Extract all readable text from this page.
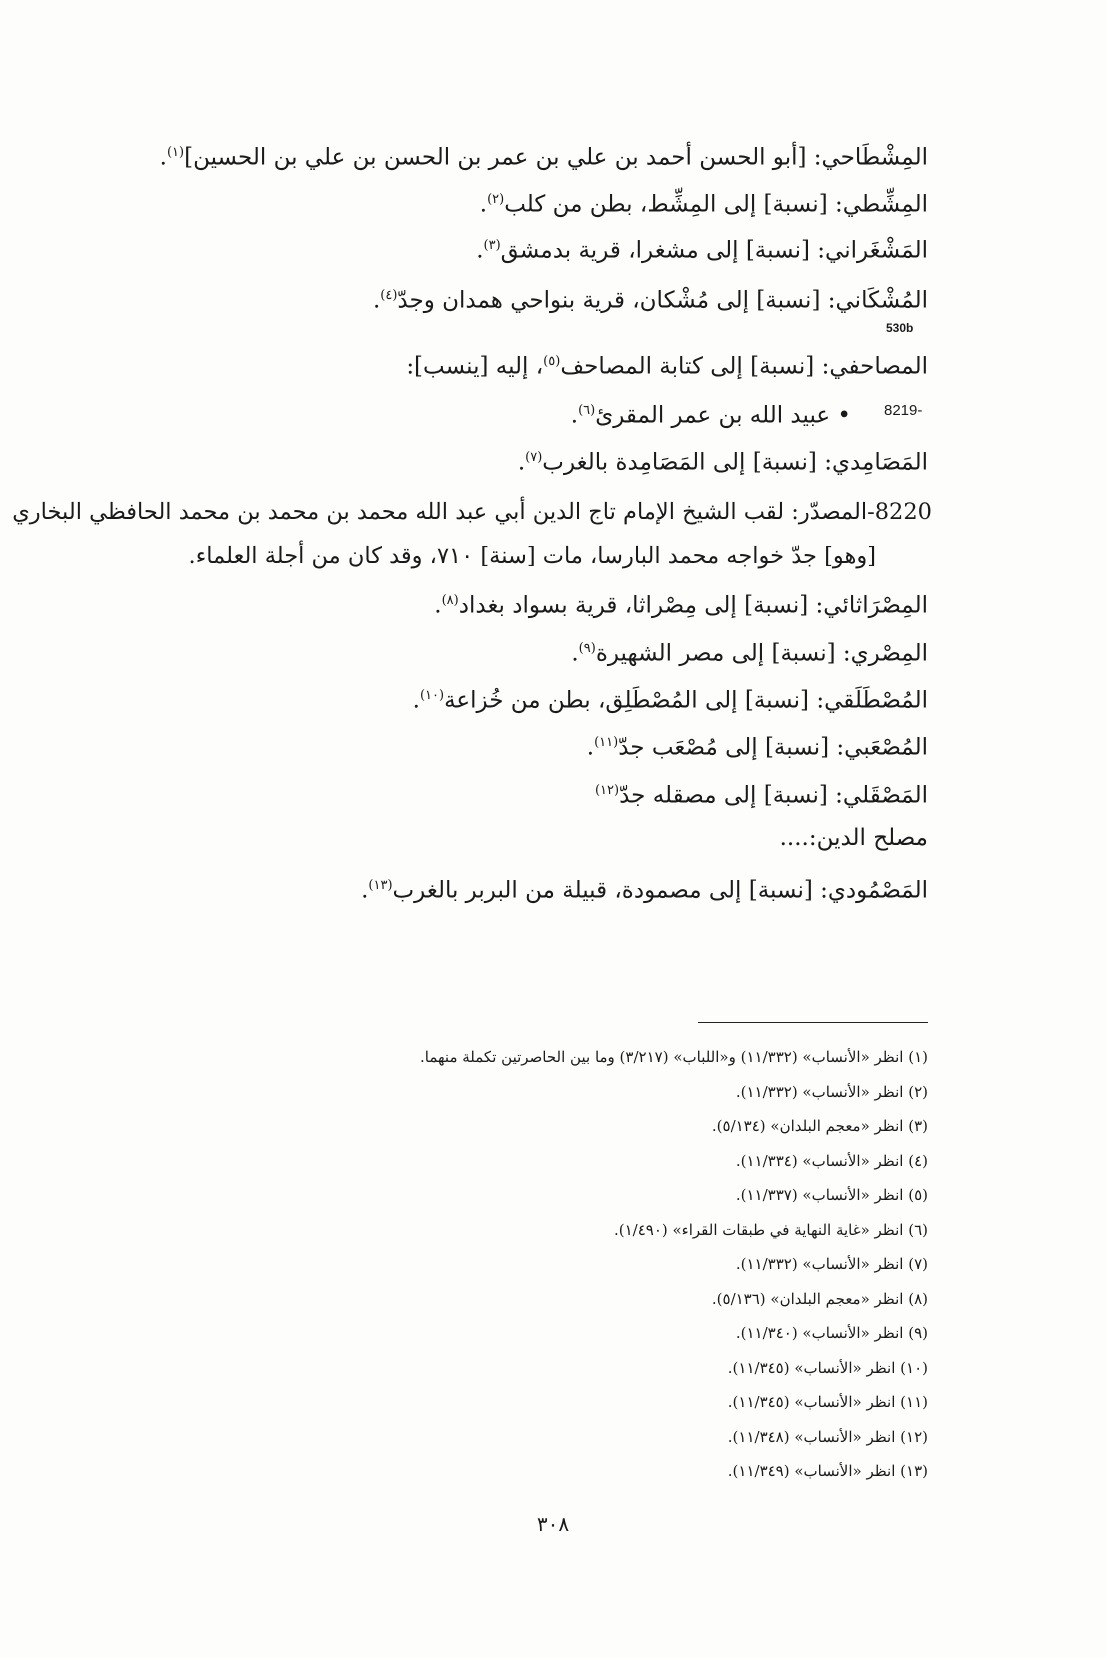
المِشْطَاحي: [أبو الحسن أحمد بن علي بن عمر بن الحسن بن علي بن الحسين]$^{(١)}$.
المِشِّطي: [نسبة] إلى المِشِّط، بطن من كلب$^{(٢)}$.
المَشْغَراني: [نسبة] إلى مشغرا، قرية بدمشق$^{(٣)}$.
المُشْكَاني: [نسبة] إلى مُشْكان، قرية بنواحي همدان وجدّ$^{(٤)}$.
530b
المصاحفي: [نسبة] إلى كتابة المصاحف$^{(٥)}$، إليه [ينسب]:
• عبيد الله بن عمر المقرئ$^{(٦)}$.	8219-
المَصَامِدي: [نسبة] إلى المَصَامِدة بالغرب$^{(٧)}$.
8220-المصدّر: لقب الشيخ الإمام تاج الدين أبي عبد الله محمد بن محمد بن محمد الحافظي البخاري
[وهو] جدّ خواجه محمد البارسا، مات [سنة] ٧١٠، وقد كان من أجلة العلماء.
المِصْرَاثائي: [نسبة] إلى مِصْراثا، قرية بسواد بغداد$^{(٨)}$.
المِصْري: [نسبة] إلى مصر الشهيرة$^{(٩)}$.
المُصْطَلَقي: [نسبة] إلى المُصْطَلِق، بطن من خُزاعة$^{(١٠)}$.
المُصْعَبي: [نسبة] إلى مُصْعَب جدّ$^{(١١)}$.
المَصْقَلي: [نسبة] إلى مصقله جدّ$^{(١٢)}$
مصلح الدين:....
المَصْمُودي: [نسبة] إلى مصمودة، قبيلة من البربر بالغرب$^{(١٣)}$.
(١) انظر «الأنساب» (١١/٣٣٢) و«اللباب» (٣/٢١٧) وما بين الحاصرتين تكملة منهما.
(٢) انظر «الأنساب» (١١/٣٣٢).
(٣) انظر «معجم البلدان» (٥/١٣٤).
(٤) انظر «الأنساب» (١١/٣٣٤).
(٥) انظر «الأنساب» (١١/٣٣٧).
(٦) انظر «غاية النهاية في طبقات القراء» (١/٤٩٠).
(٧) انظر «الأنساب» (١١/٣٣٢).
(٨) انظر «معجم البلدان» (٥/١٣٦).
(٩) انظر «الأنساب» (١١/٣٤٠).
(١٠) انظر «الأنساب» (١١/٣٤٥).
(١١) انظر «الأنساب» (١١/٣٤٥).
(١٢) انظر «الأنساب» (١١/٣٤٨).
(١٣) انظر «الأنساب» (١١/٣٤٩).
٣٠٨
